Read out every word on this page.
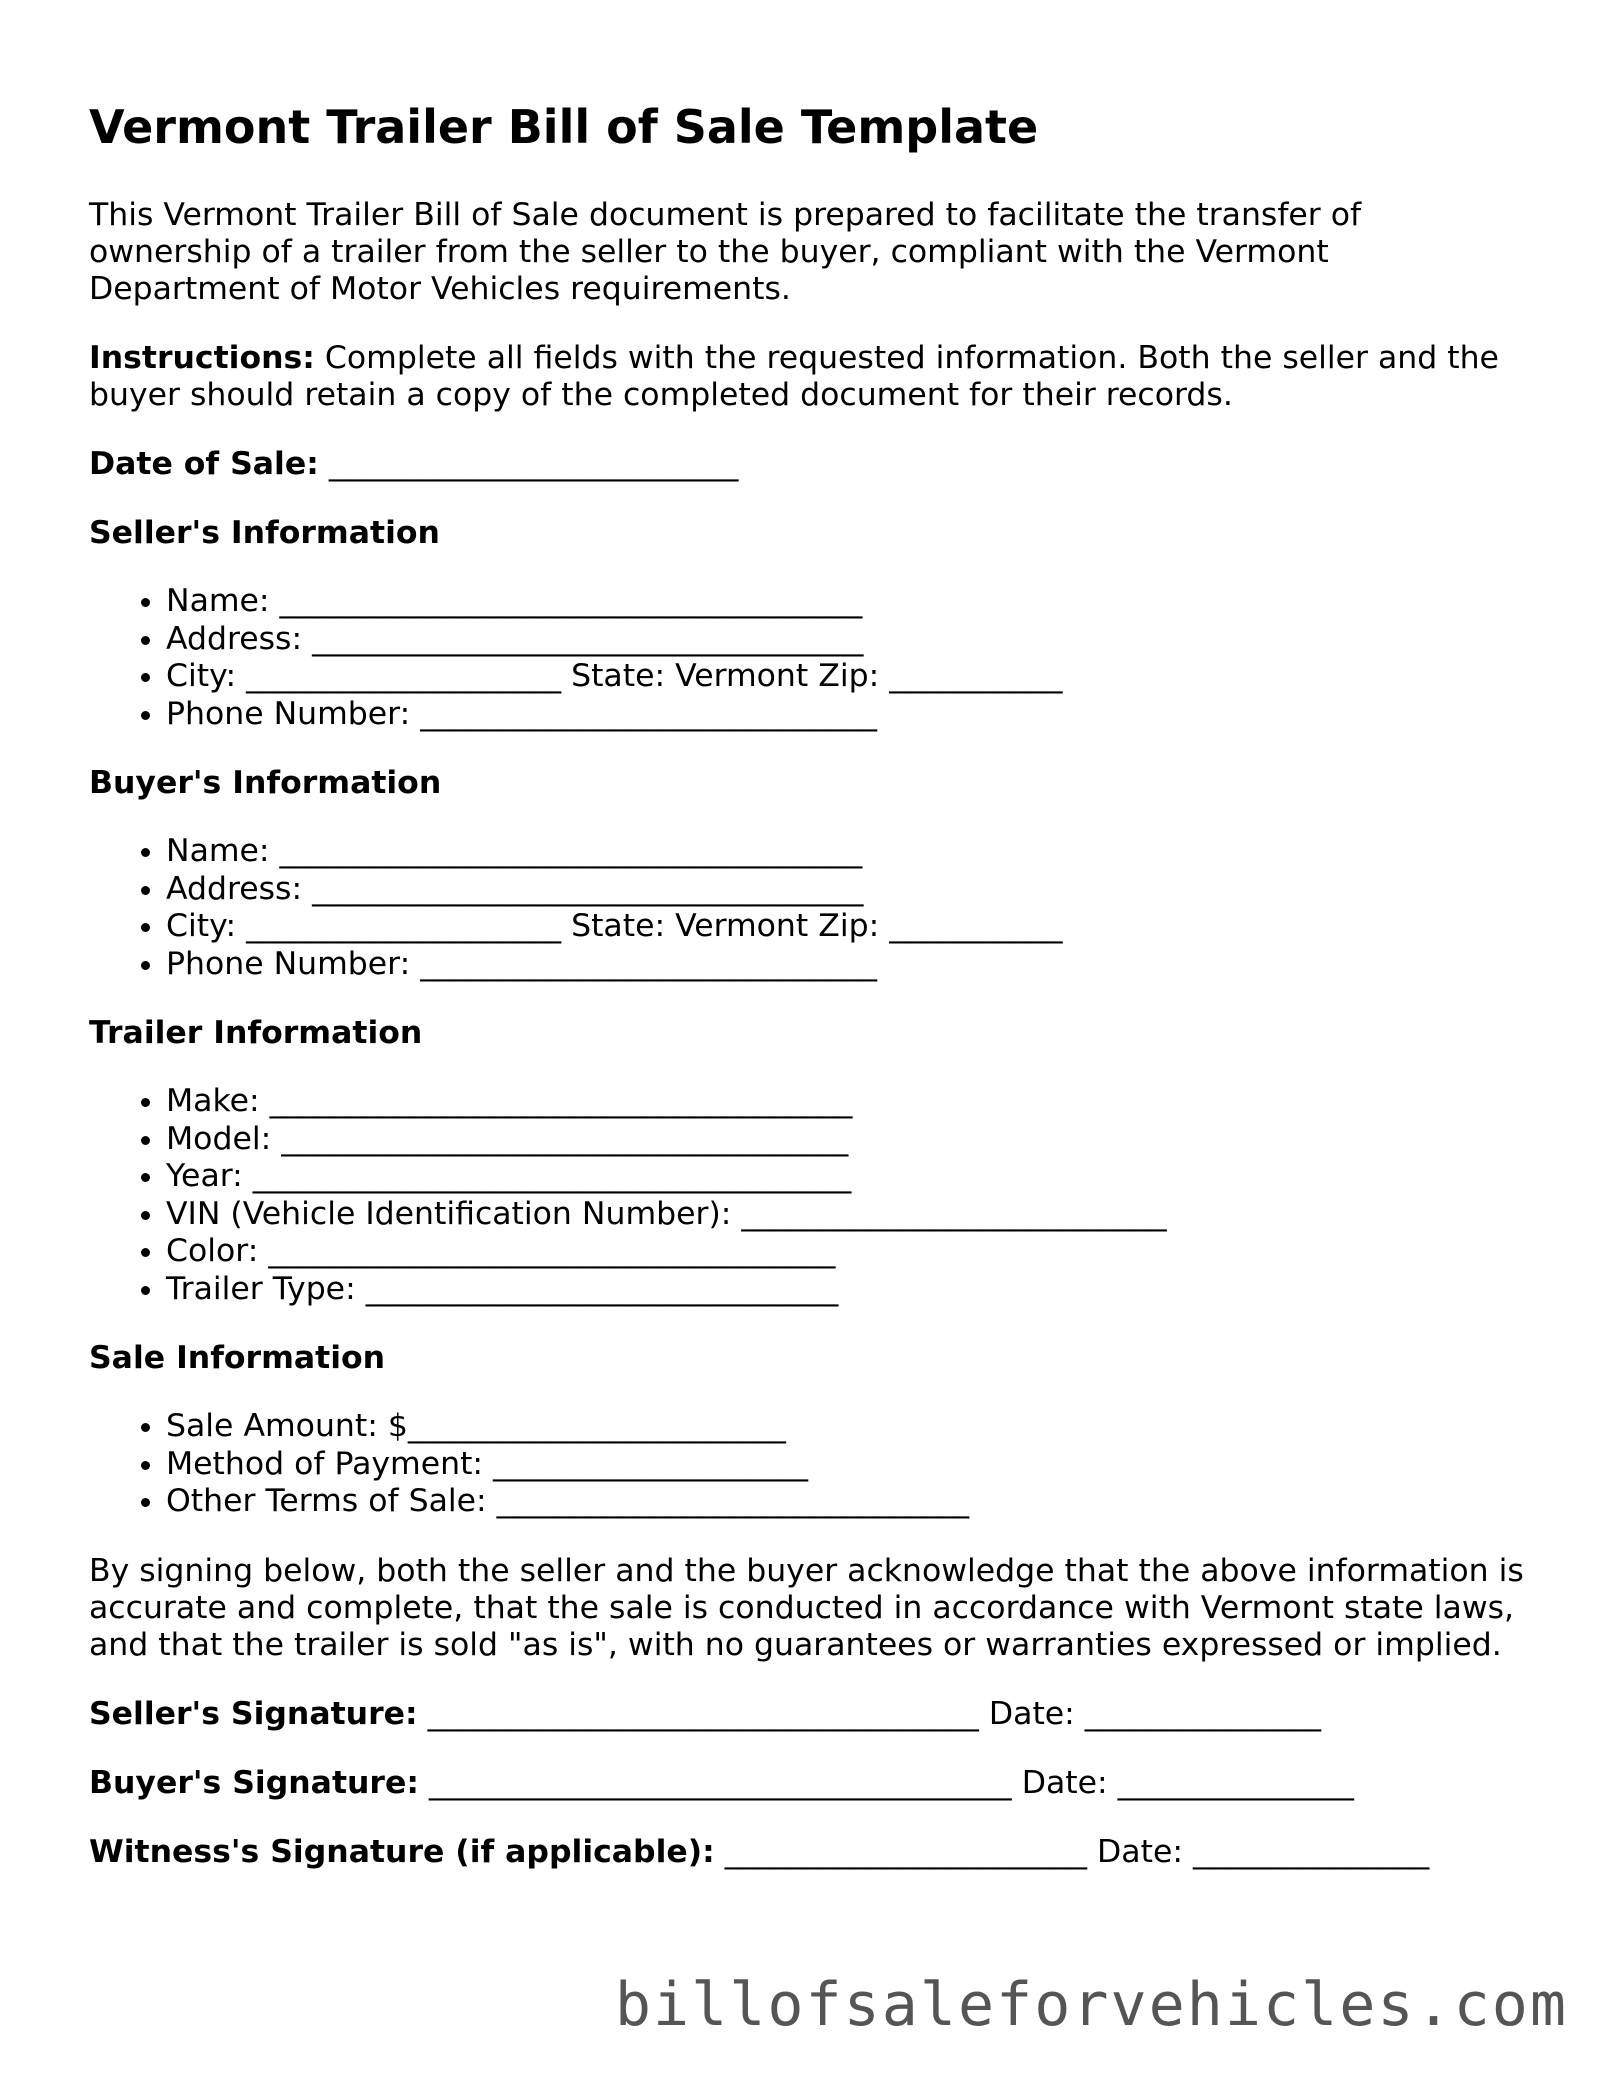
Vermont Trailer Bill of Sale Template

This Vermont Trailer Bill of Sale document is prepared to facilitate the transfer of ownership of a trailer from the seller to the buyer, compliant with the Vermont Department of Motor Vehicles requirements.

Instructions: Complete all fields with the requested information. Both the seller and the buyer should retain a copy of the completed document for their records.

Date of Sale: __________________________
Seller's Information
• Name: _____________________________________
• Address: ___________________________________
• City: ____________________ State: Vermont Zip: ___________
• Phone Number: _____________________________
Buyer's Information
• Name: _____________________________________
• Address: ___________________________________
• City: ____________________ State: Vermont Zip: ___________
• Phone Number: _____________________________
Trailer Information
• Make: _____________________________________
• Model: ____________________________________
• Year: ______________________________________
• VIN (Vehicle Identification Number): ___________________________
• Color: ____________________________________
• Trailer Type: ______________________________
Sale Information
• Sale Amount: $________________________
• Method of Payment: ____________________
• Other Terms of Sale: ______________________________

By signing below, both the seller and the buyer acknowledge that the above information is accurate and complete, that the sale is conducted in accordance with Vermont state laws, and that the trailer is sold "as is", with no guarantees or warranties expressed or implied.

Seller's Signature: ___________________________________ Date: _______________
Buyer's Signature: _____________________________________ Date: _______________
Witness's Signature (if applicable): _______________________ Date: _______________
billofsaleforvehicles.com
